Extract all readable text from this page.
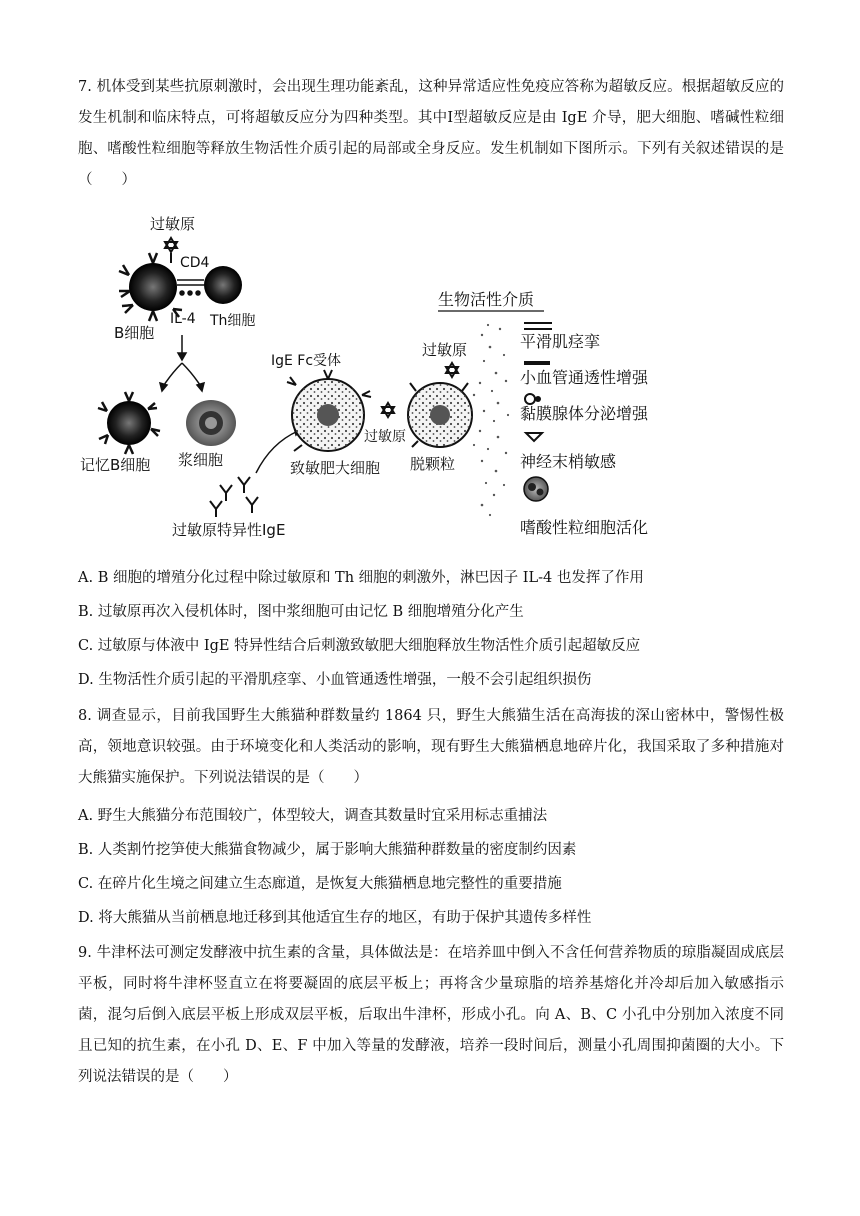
7. 机体受到某些抗原刺激时，会出现生理功能紊乱，这种异常适应性免疫应答称为超敏反应。根据超敏反应的发生机制和临床特点，可将超敏反应分为四种类型。其中Ⅰ型超敏反应是由 IgE 介导，肥大细胞、嗜碱性粒细胞、嗜酸性粒细胞等释放生物活性介质引起的局部或全身反应。发生机制如下图所示。下列有关叙述错误的是（　　）

过敏原
CD4
IL-4 Th细胞
B细胞
记忆B细胞 浆细胞
过敏原特异性IgE
IgE Fc受体
致敏肥大细胞
过敏原
过敏原
脱颗粒
生物活性介质
平滑肌痉挛
小血管通透性增强
黏膜腺体分泌增强
神经末梢敏感
嗜酸性粒细胞活化

A. B 细胞的增殖分化过程中除过敏原和 Th 细胞的刺激外，淋巴因子 IL-4 也发挥了作用

B. 过敏原再次入侵机体时，图中浆细胞可由记忆 B 细胞增殖分化产生

C. 过敏原与体液中 IgE 特异性结合后刺激致敏肥大细胞释放生物活性介质引起超敏反应

D. 生物活性介质引起的平滑肌痉挛、小血管通透性增强，一般不会引起组织损伤

8. 调查显示，目前我国野生大熊猫种群数量约 1864 只，野生大熊猫生活在高海拔的深山密林中，警惕性极高，领地意识较强。由于环境变化和人类活动的影响，现有野生大熊猫栖息地碎片化，我国采取了多种措施对大熊猫实施保护。下列说法错误的是（　　）

A. 野生大熊猫分布范围较广，体型较大，调查其数量时宜采用标志重捕法

B. 人类割竹挖笋使大熊猫食物减少，属于影响大熊猫种群数量的密度制约因素

C. 在碎片化生境之间建立生态廊道，是恢复大熊猫栖息地完整性的重要措施

D. 将大熊猫从当前栖息地迁移到其他适宜生存的地区，有助于保护其遗传多样性

9. 牛津杯法可测定发酵液中抗生素的含量，具体做法是：在培养皿中倒入不含任何营养物质的琼脂凝固成底层平板，同时将牛津杯竖直立在将要凝固的底层平板上；再将含少量琼脂的培养基熔化并冷却后加入敏感指示菌，混匀后倒入底层平板上形成双层平板，后取出牛津杯，形成小孔。向 A、B、C 小孔中分别加入浓度不同且已知的抗生素，在小孔 D、E、F 中加入等量的发酵液，培养一段时间后，测量小孔周围抑菌圈的大小。下列说法错误的是（　　）
